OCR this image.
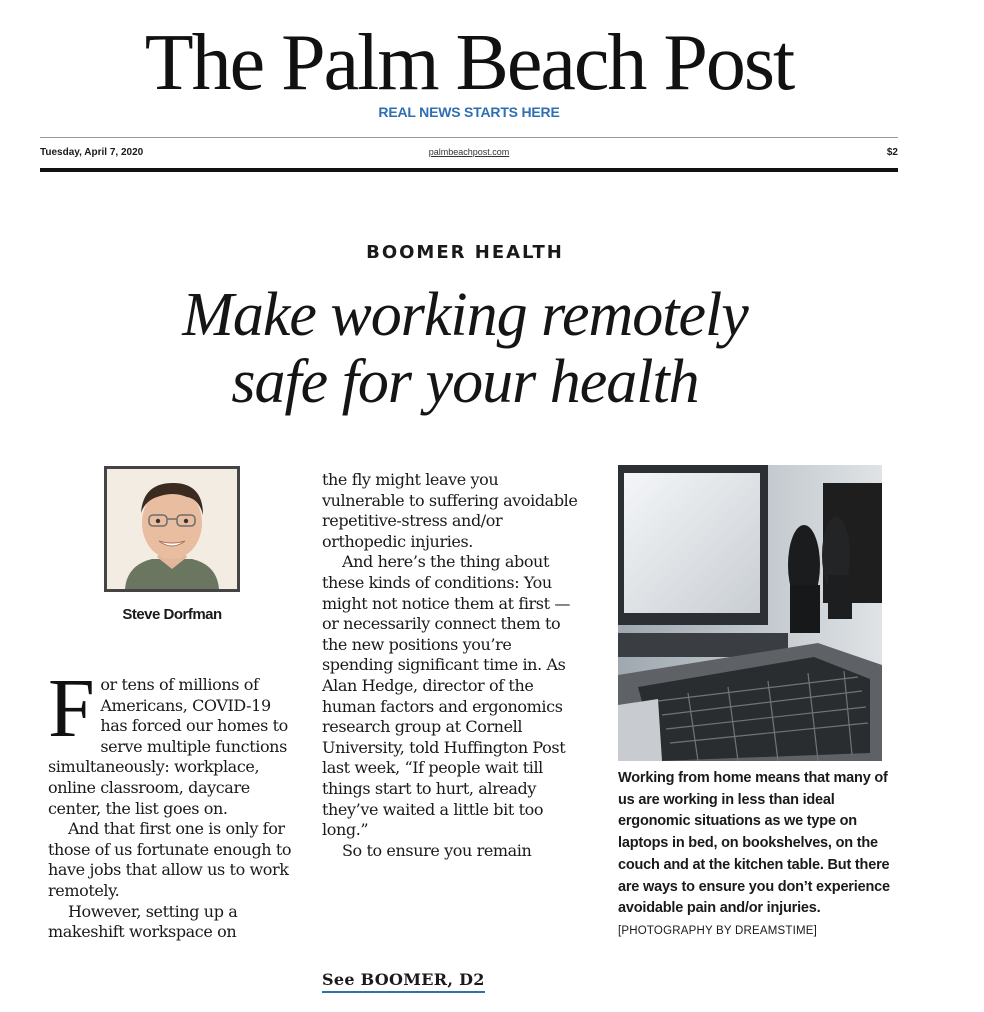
The Palm Beach Post
REAL NEWS STARTS HERE
Tuesday, April 7, 2020	palmbeachpost.com	$2
BOOMER HEALTH
Make working remotely
safe for your health
Steve Dorfman
F or tens of millions of Americans, COVID-19 has forced our homes to serve multiple functions simultaneously: workplace, online classroom, daycare center, the list goes on.

And that first one is only for those of us fortunate enough to have jobs that allow us to work remotely.

However, setting up a makeshift workspace on

the fly might leave you vulnerable to suffering avoidable repetitive-stress and/or orthopedic injuries.

And here’s the thing about these kinds of conditions: You might not notice them at first — or necessarily connect them to the new positions you’re spending significant time in. As Alan Hedge, director of the human factors and ergonomics research group at Cornell University, told Huffington Post last week, “If people wait till things start to hurt, already they’ve waited a little bit too long.”

So to ensure you remain

See BOOMER, D2
Working from home means that many of us are working in less than ideal ergonomic situations as we type on laptops in bed, on bookshelves, on the couch and at the kitchen table. But there are ways to ensure you don’t experience avoidable pain and/or injuries. [PHOTOGRAPHY BY DREAMSTIME]
